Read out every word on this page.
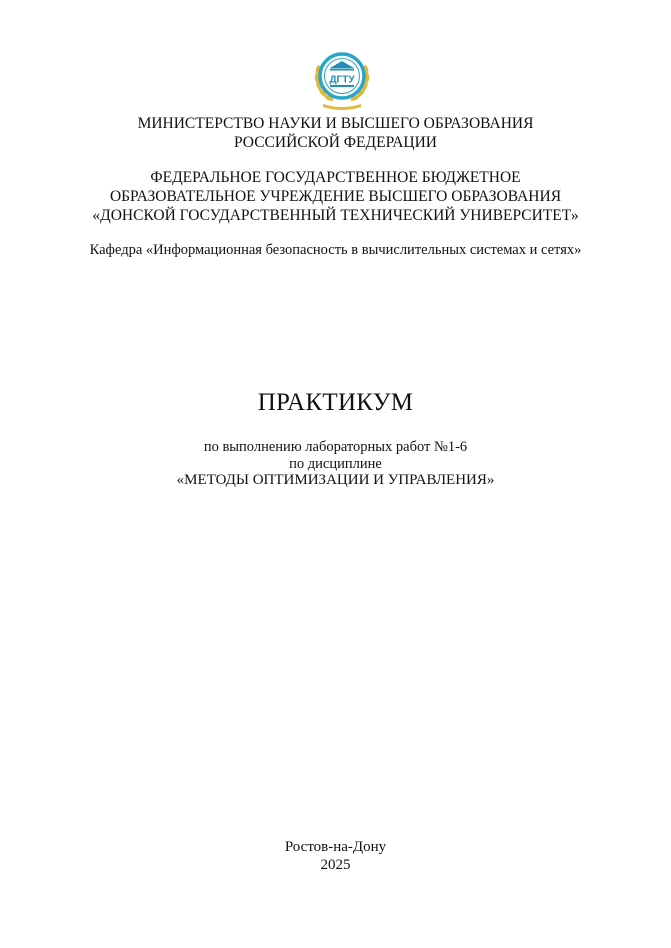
ДГТУ
МИНИСТЕРСТВО НАУКИ И ВЫСШЕГО ОБРАЗОВАНИЯ
РОССИЙСКОЙ ФЕДЕРАЦИИ
ФЕДЕРАЛЬНОЕ ГОСУДАРСТВЕННОЕ БЮДЖЕТНОЕ
ОБРАЗОВАТЕЛЬНОЕ УЧРЕЖДЕНИЕ ВЫСШЕГО ОБРАЗОВАНИЯ
«ДОНСКОЙ ГОСУДАРСТВЕННЫЙ ТЕХНИЧЕСКИЙ УНИВЕРСИТЕТ»
Кафедра «Информационная безопасность в вычислительных системах и сетях»
ПРАКТИКУМ
по выполнению лабораторных работ №1-6
по дисциплине
«МЕТОДЫ ОПТИМИЗАЦИИ И УПРАВЛЕНИЯ»
Ростов-на-Дону
2025
